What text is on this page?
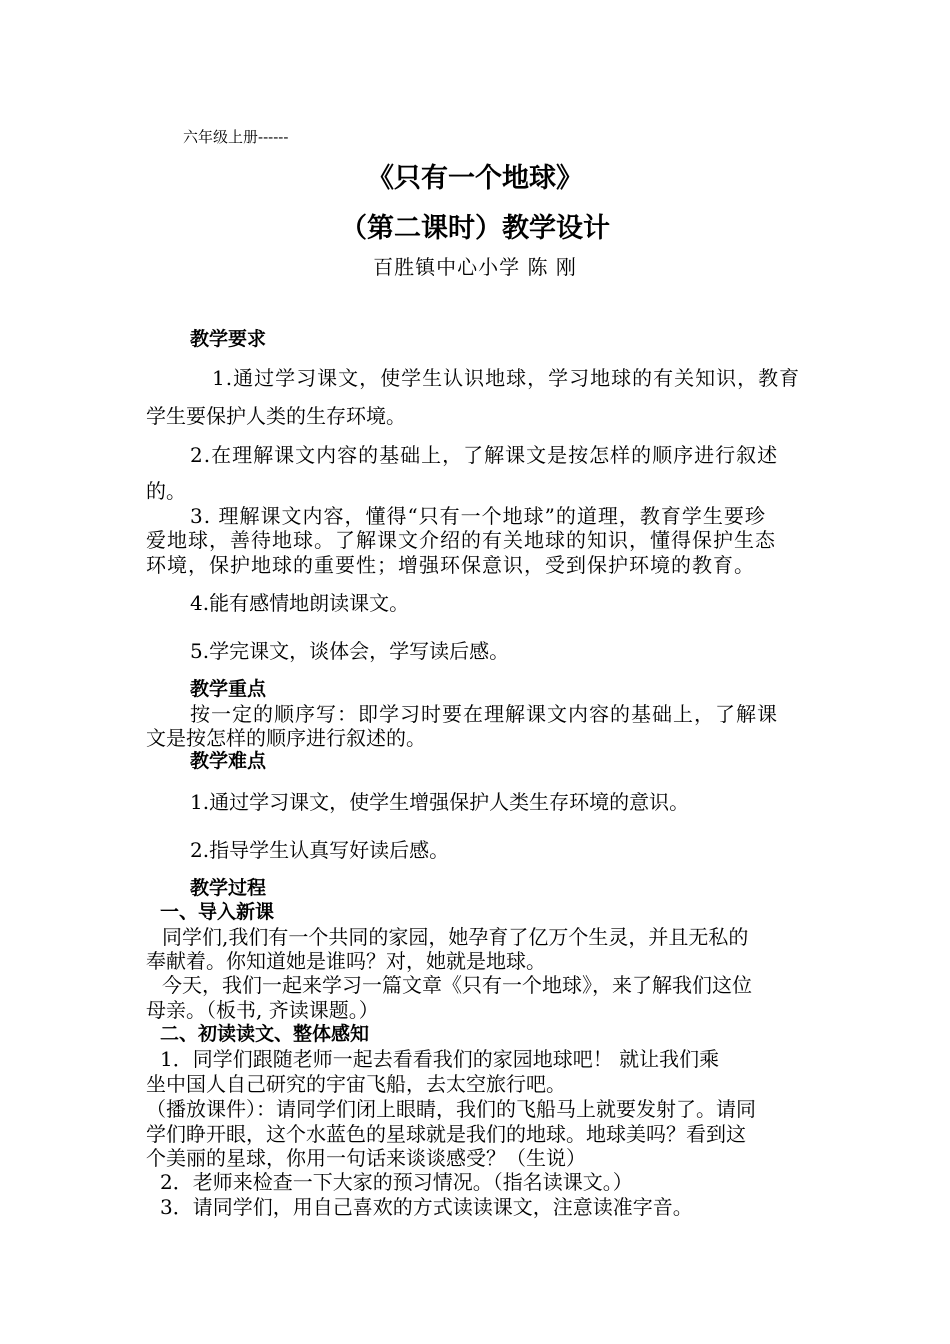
六年级上册------

《只有一个地球》

（第二课时）教学设计

百胜镇中心小学 陈 刚

教学要求

1.通过学习课文，使学生认识地球，学习地球的有关知识，教育

学生要保护人类的生存环境。

2.在理解课文内容的基础上，了解课文是按怎样的顺序进行叙述

的。

3. 理解课文内容，懂得“只有一个地球”的道理，教育学生要珍

爱地球，善待地球。了解课文介绍的有关地球的知识，懂得保护生态

环境，保护地球的重要性；增强环保意识，受到保护环境的教育。

4.能有感情地朗读课文。

5.学完课文，谈体会，学写读后感。

教学重点

按一定的顺序写：即学习时要在理解课文内容的基础上，了解课

文是按怎样的顺序进行叙述的。

教学难点

1.通过学习课文，使学生增强保护人类生存环境的意识。

2.指导学生认真写好读后感。

教学过程

一、导入新课

同学们,我们有一个共同的家园，她孕育了亿万个生灵，并且无私的

奉献着。你知道她是谁吗？对，她就是地球。

今天，我们一起来学习一篇文章《只有一个地球》，来了解我们这位

母亲。（板书, 齐读课题。）

二、初读读文、整体感知

1．同学们跟随老师一起去看看我们的家园地球吧！ 就让我们乘

坐中国人自己研究的宇宙飞船，去太空旅行吧。

（播放课件）：请同学们闭上眼睛，我们的飞船马上就要发射了。请同

学们睁开眼，这个水蓝色的星球就是我们的地球。地球美吗？看到这

个美丽的星球，你用一句话来谈谈感受？（生说）

2．老师来检查一下大家的预习情况。（指名读课文。）

3．请同学们，用自己喜欢的方式读读课文，注意读准字音。
